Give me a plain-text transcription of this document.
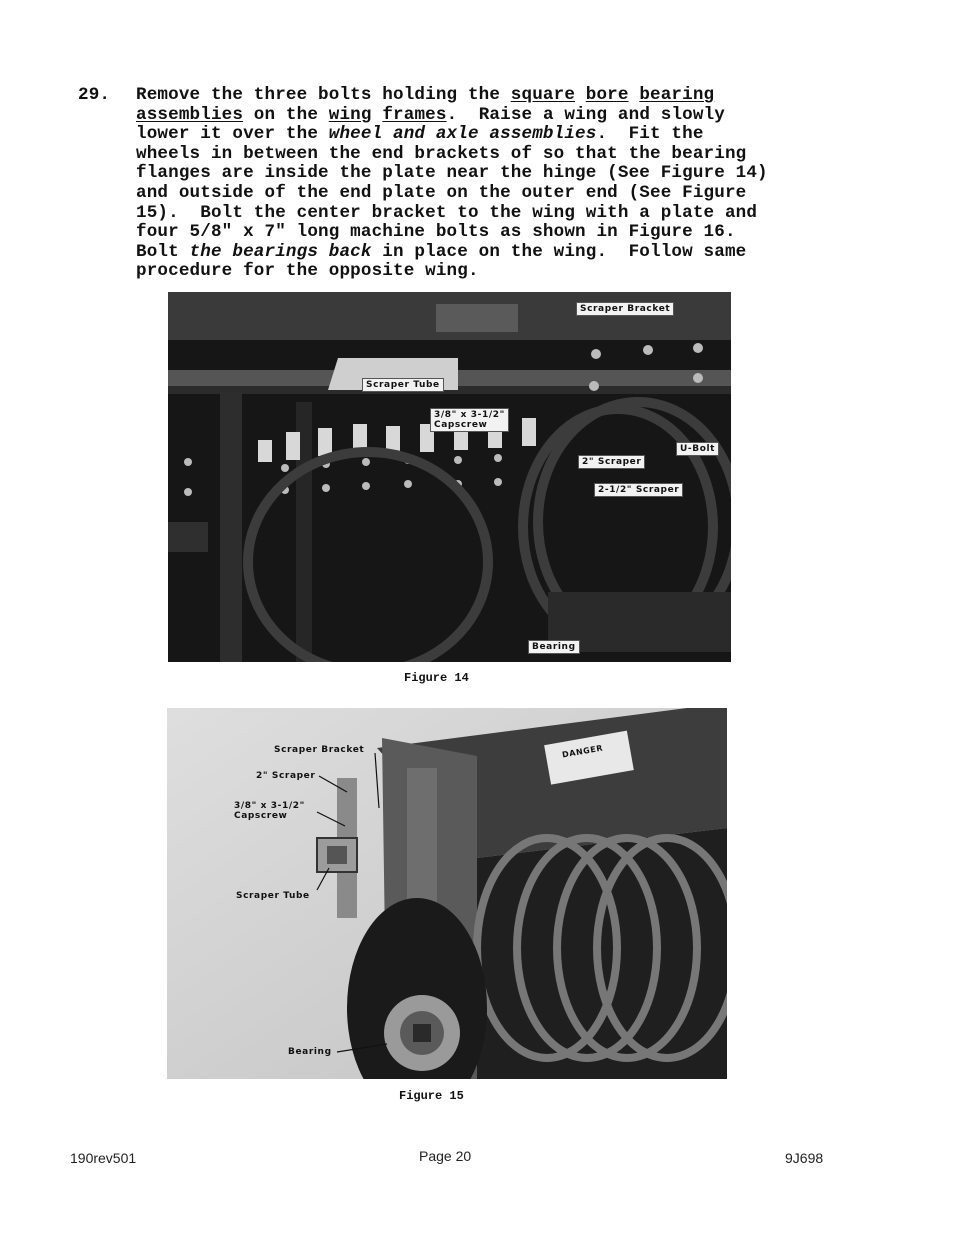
29. Remove the three bolts holding the square bore bearing

assemblies on the wing frames.  Raise a wing and slowly

lower it over the wheel and axle assemblies.  Fit the

wheels in between the end brackets of so that the bearing

flanges are inside the plate near the hinge (See Figure 14)

and outside of the end plate on the outer end (See Figure

15).  Bolt the center bracket to the wing with a plate and

four 5/8" x 7" long machine bolts as shown in Figure 16.

Bolt the bearings back in place on the wing.  Follow same

procedure for the opposite wing.

Scraper Bracket
Scraper Tube
3/8" x 3-1/2"
Capscrew
U-Bolt
2" Scraper
2-1/2" Scraper
Bearing
Figure 14
Scraper Bracket
2" Scraper
3/8" x 3-1/2"
Capscrew
Scraper Tube
Bearing
DANGER
Figure 15
190rev501	Page 20	9J698
